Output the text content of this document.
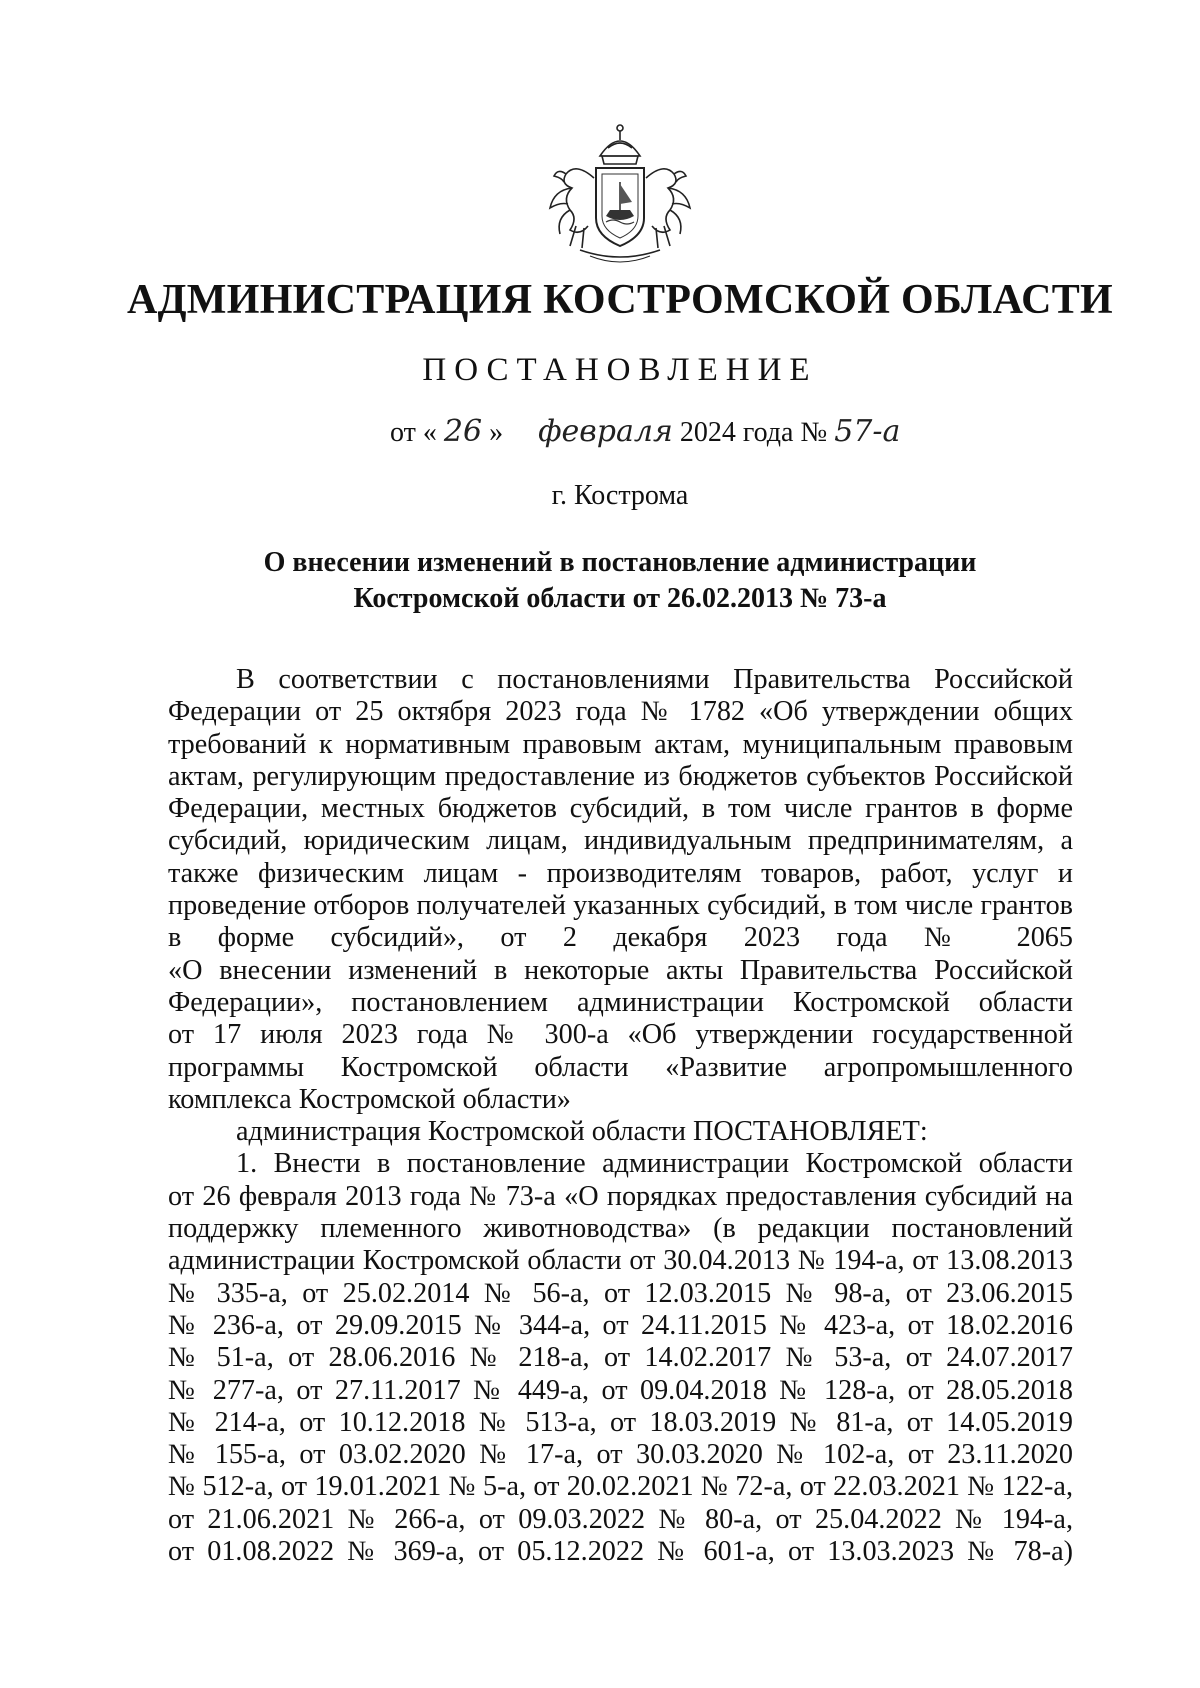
АДМИНИСТРАЦИЯ КОСТРОМСКОЙ ОБЛАСТИ
ПОСТАНОВЛЕНИЕ
от « 26 » февраля 2024 года № 57-а
г. Кострома
О внесении изменений в постановление администрации
Костромской области от 26.02.2013 № 73-а
В соответствии с постановлениями Правительства Российской
Федерации от 25 октября 2023 года № 1782 «Об утверждении общих
требований к нормативным правовым актам, муниципальным правовым
актам, регулирующим предоставление из бюджетов субъектов Российской
Федерации, местных бюджетов субсидий, в том числе грантов в форме
субсидий, юридическим лицам, индивидуальным предпринимателям, а
также физическим лицам - производителям товаров, работ, услуг и
проведение отборов получателей указанных субсидий, в том числе грантов
в форме субсидий», от 2 декабря 2023 года № 2065
«О внесении изменений в некоторые акты Правительства Российской
Федерации», постановлением администрации Костромской области
от 17 июля 2023 года № 300-а «Об утверждении государственной
программы Костромской области «Развитие агропромышленного
комплекса Костромской области»
администрация Костромской области ПОСТАНОВЛЯЕТ:
1. Внести в постановление администрации Костромской области
от 26 февраля 2013 года № 73-а «О порядках предоставления субсидий на
поддержку племенного животноводства» (в редакции постановлений
администрации Костромской области от 30.04.2013 № 194-а, от 13.08.2013
№ 335-а, от 25.02.2014 № 56-а, от 12.03.2015 № 98-а, от 23.06.2015
№ 236-а, от 29.09.2015 № 344-а, от 24.11.2015 № 423-а, от 18.02.2016
№ 51-а, от 28.06.2016 № 218-а, от 14.02.2017 № 53-а, от 24.07.2017
№ 277-а, от 27.11.2017 № 449-а, от 09.04.2018 № 128-а, от 28.05.2018
№ 214-а, от 10.12.2018 № 513-а, от 18.03.2019 № 81-а, от 14.05.2019
№ 155-а, от 03.02.2020 № 17-а, от 30.03.2020 № 102-а, от 23.11.2020
№ 512-а, от 19.01.2021 № 5-а, от 20.02.2021 № 72-а, от 22.03.2021 № 122-а,
от 21.06.2021 № 266-а, от 09.03.2022 № 80-а, от 25.04.2022 № 194-а,
от 01.08.2022 № 369-а, от 05.12.2022 № 601-а, от 13.03.2023 № 78-а)
